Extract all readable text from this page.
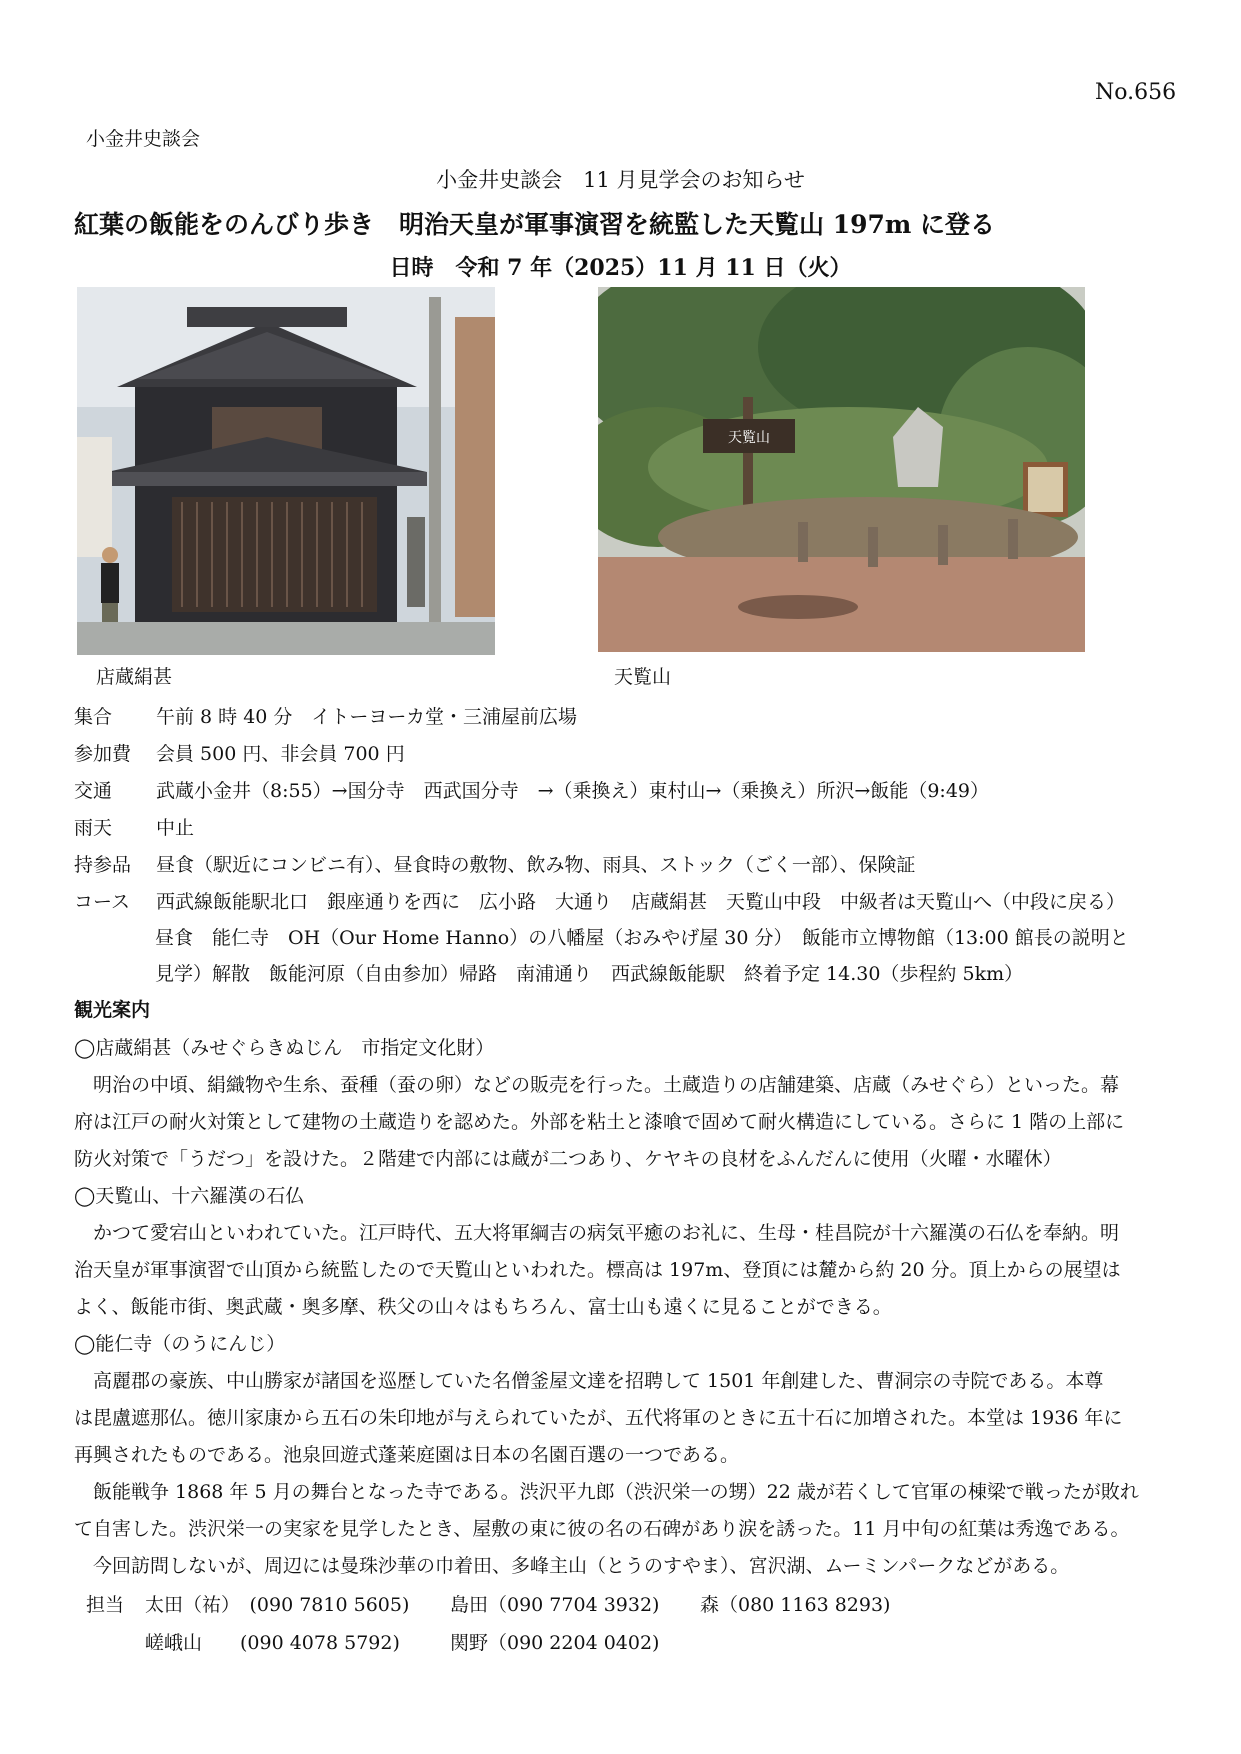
No.656
小金井史談会
小金井史談会　11 月見学会のお知らせ
紅葉の飯能をのんびり歩き　明治天皇が軍事演習を統監した天覧山 197m に登る
日時　令和 7 年（2025）11 月 11 日（火）
天覧山
店蔵絹甚	天覧山
集合 午前 8 時 40 分　イトーヨーカ堂・三浦屋前広場
参加費 会員 500 円、非会員 700 円
交通 武蔵小金井（8:55）→国分寺　西武国分寺　→（乗換え）東村山→（乗換え）所沢→飯能（9:49）
雨天 中止
持参品 昼食（駅近にコンビニ有）、昼食時の敷物、飲み物、雨具、ストック（ごく一部）、保険証
コース 西武線飯能駅北口　銀座通りを西に　広小路　大通り　店蔵絹甚　天覧山中段　中級者は天覧山へ（中段に戻る）
昼食　能仁寺　OH（Our Home Hanno）の八幡屋（おみやげ屋 30 分）　飯能市立博物館（13:00 館長の説明と
見学）解散　飯能河原（自由参加）帰路　南浦通り　西武線飯能駅　終着予定 14.30（歩程約 5km）
観光案内
◯店蔵絹甚（みせぐらきぬじん　市指定文化財）
　明治の中頃、絹織物や生糸、蚕種（蚕の卵）などの販売を行った。土蔵造りの店舗建築、店蔵（みせぐら）といった。幕
府は江戸の耐火対策として建物の土蔵造りを認めた。外部を粘土と漆喰で固めて耐火構造にしている。さらに 1 階の上部に
防火対策で「うだつ」を設けた。２階建で内部には蔵が二つあり、ケヤキの良材をふんだんに使用（火曜・水曜休）
◯天覧山、十六羅漢の石仏
　かつて愛宕山といわれていた。江戸時代、五大将軍綱吉の病気平癒のお礼に、生母・桂昌院が十六羅漢の石仏を奉納。明
治天皇が軍事演習で山頂から統監したので天覧山といわれた。標高は 197m、登頂には麓から約 20 分。頂上からの展望は
よく、飯能市街、奥武蔵・奥多摩、秩父の山々はもちろん、富士山も遠くに見ることができる。
◯能仁寺（のうにんじ）
　高麗郡の豪族、中山勝家が諸国を巡歴していた名僧釜屋文達を招聘して 1501 年創建した、曹洞宗の寺院である。本尊
は毘盧遮那仏。徳川家康から五石の朱印地が与えられていたが、五代将軍のときに五十石に加増された。本堂は 1936 年に
再興されたものである。池泉回遊式蓬莱庭園は日本の名園百選の一つである。
　飯能戦争 1868 年 5 月の舞台となった寺である。渋沢平九郎（渋沢栄一の甥）22 歳が若くして官軍の棟梁で戦ったが敗れ
て自害した。渋沢栄一の実家を見学したとき、屋敷の東に彼の名の石碑があり涙を誘った。11 月中旬の紅葉は秀逸である。
　今回訪問しないが、周辺には曼珠沙華の巾着田、多峰主山（とうのすやま）、宮沢湖、ムーミンパークなどがある。
担当 太田（祐）　(090 7810 5605) 島田（090 7704 3932) 森（080 1163 8293)
嵯峨山　　(090 4078 5792)	関野（090 2204 0402)
